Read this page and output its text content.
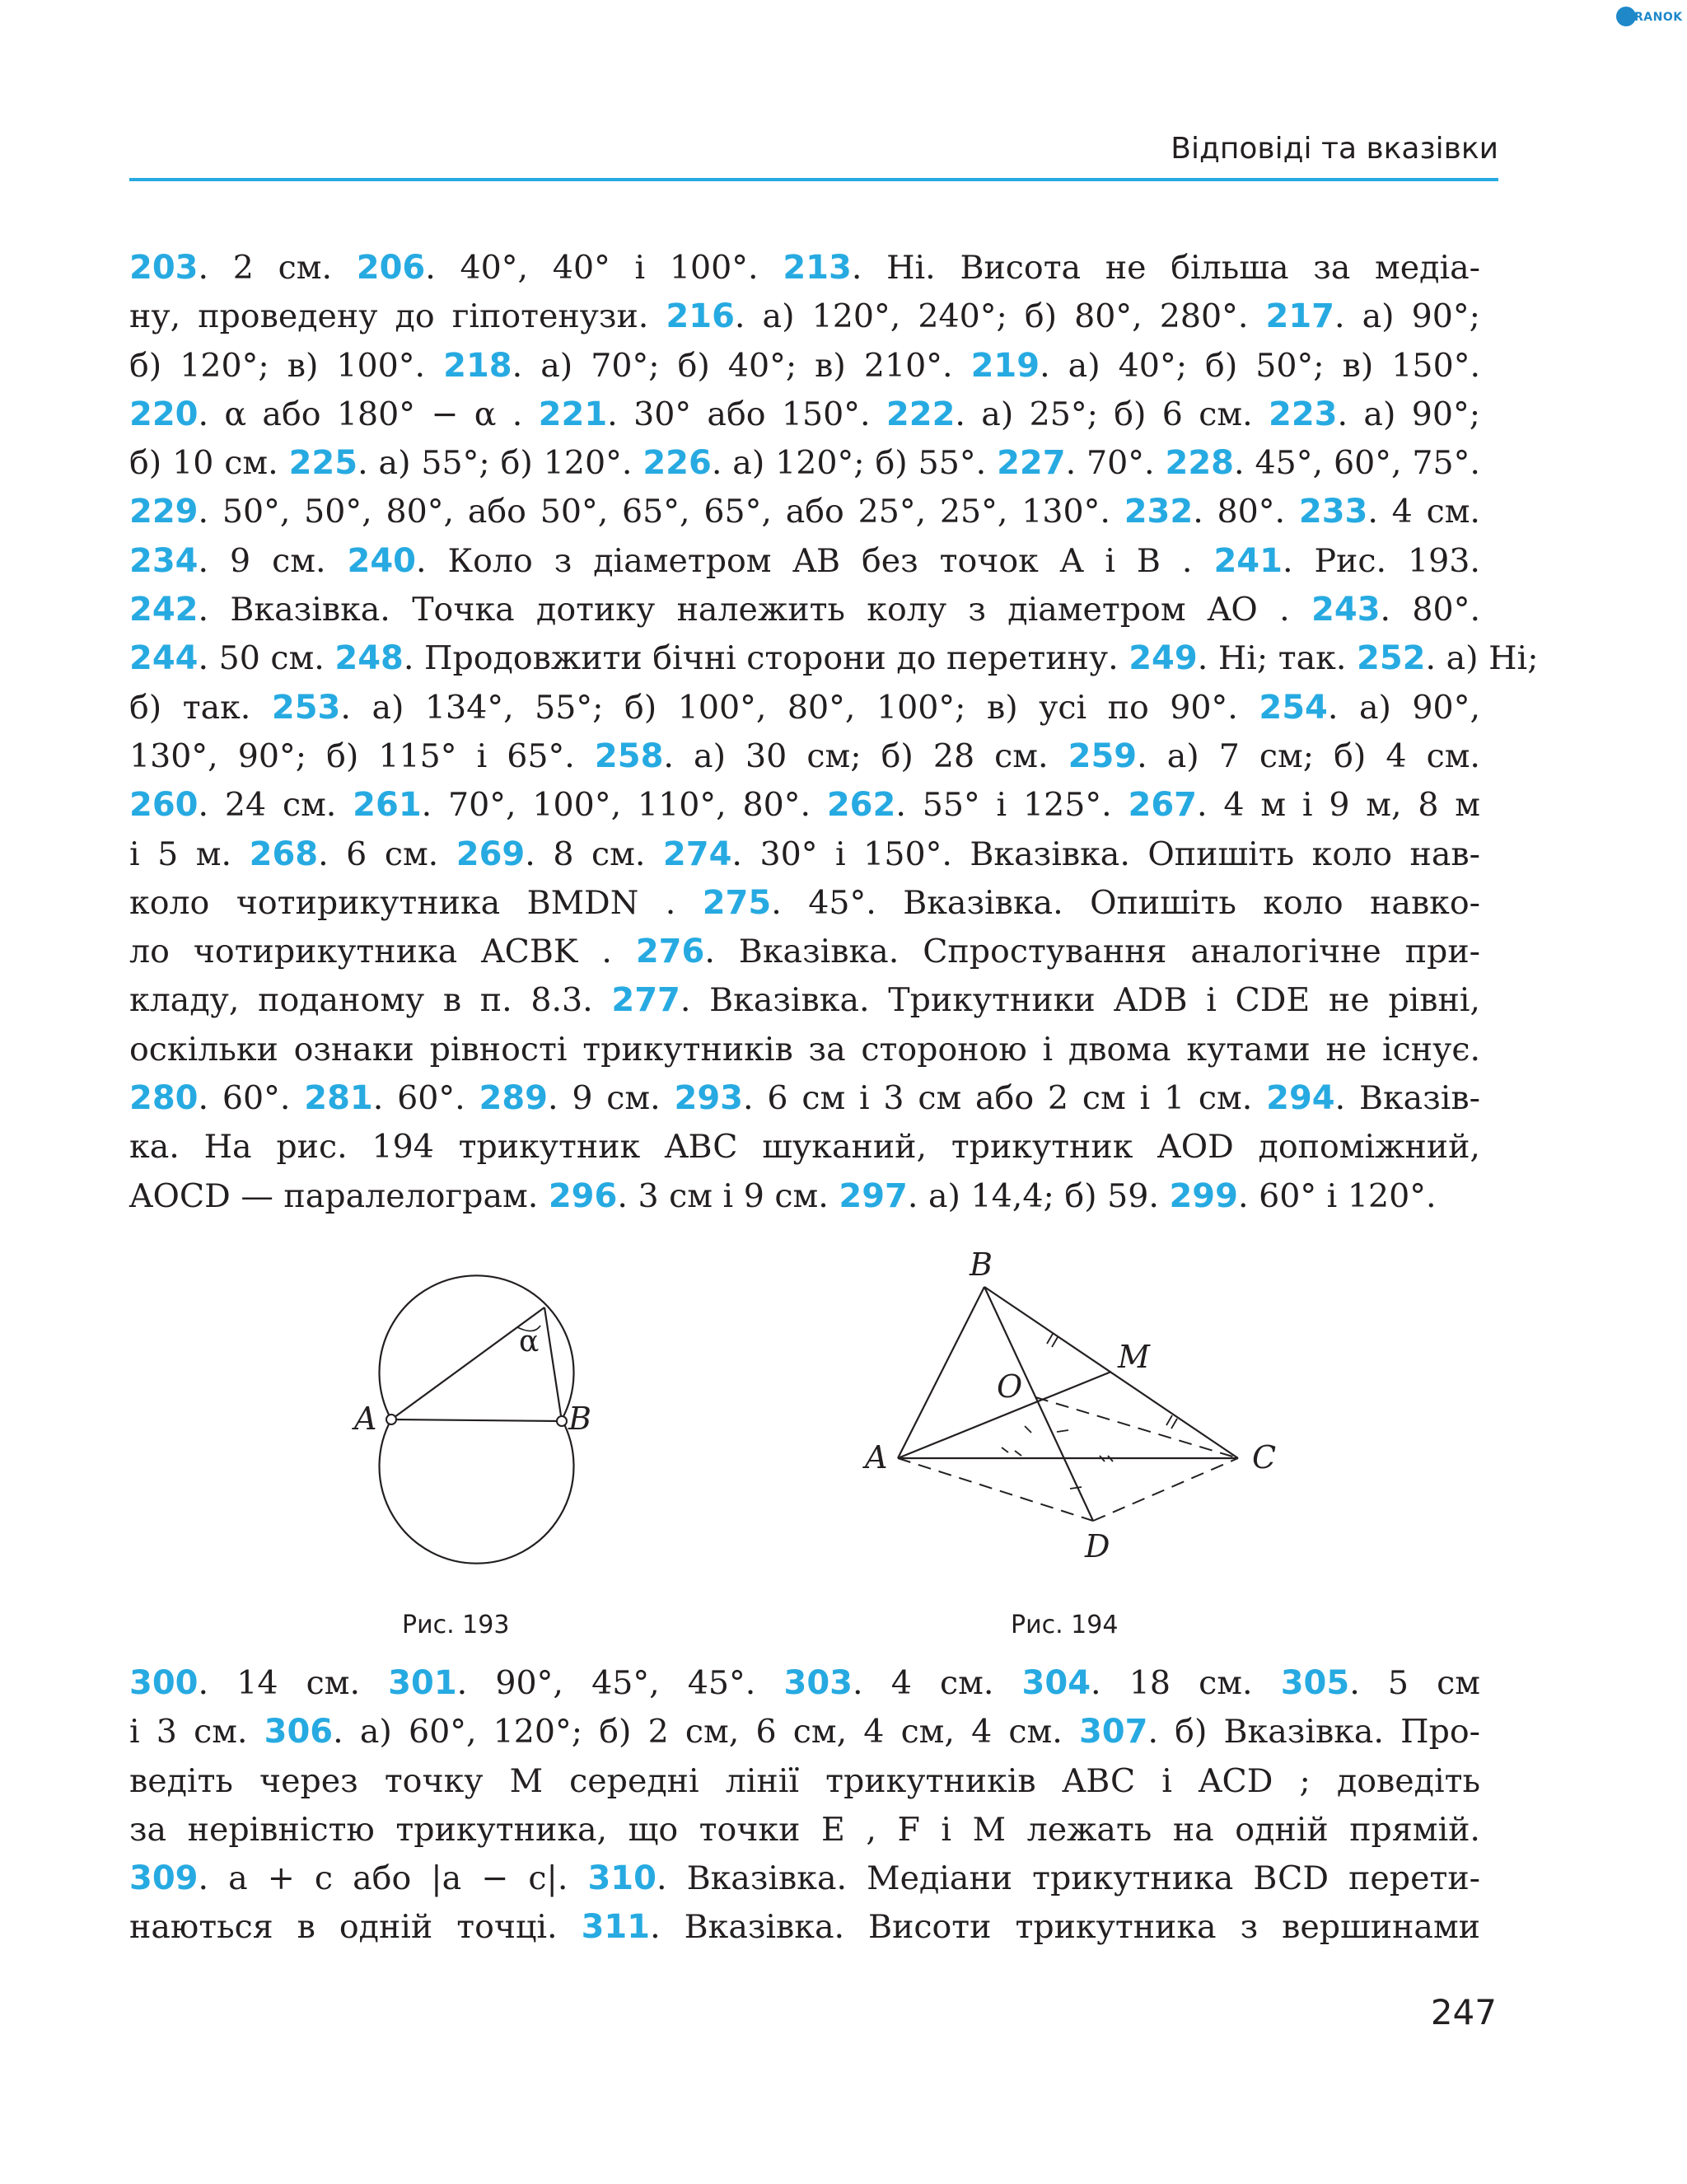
RANOK
Відповіді та вказівки
203. 2 см. 206. 40°, 40° і 100°. 213. Ні. Висота не більша за медіа-
ну, проведену до гіпотенузи. 216. а) 120°, 240°; б) 80°, 280°. 217. а) 90°;
б) 120°; в) 100°. 218. а) 70°; б) 40°; в) 210°. 219. а) 40°; б) 50°; в) 150°.
220. α або 180° − α . 221. 30° або 150°. 222. а) 25°; б) 6 см. 223. а) 90°;
б) 10 см. 225. а) 55°; б) 120°. 226. а) 120°; б) 55°. 227. 70°. 228. 45°, 60°, 75°.
229. 50°, 50°, 80°, або 50°, 65°, 65°, або 25°, 25°, 130°. 232. 80°. 233. 4 см.
234. 9 см. 240. Коло з діаметром AB без точок A і B . 241. Рис. 193.
242. Вказівка. Точка дотику належить колу з діаметром AO . 243. 80°.
244. 50 см. 248. Продовжити бічні сторони до перетину. 249. Ні; так. 252. а) Ні;
б) так. 253. а) 134°, 55°; б) 100°, 80°, 100°; в) усі по 90°. 254. а) 90°,
130°, 90°; б) 115° і 65°. 258. а) 30 см; б) 28 см. 259. а) 7 см; б) 4 см.
260. 24 см. 261. 70°, 100°, 110°, 80°. 262. 55° і 125°. 267. 4 м і 9 м, 8 м
і 5 м. 268. 6 см. 269. 8 см. 274. 30° і 150°. Вказівка. Опишіть коло нав-
коло чотирикутника BMDN . 275. 45°. Вказівка. Опишіть коло навко-
ло чотирикутника ACBK . 276. Вказівка. Спростування аналогічне при-
кладу, поданому в п. 8.3. 277. Вказівка. Трикутники ADB і CDE не рівні,
оскільки ознаки рівності трикутників за стороною і двома кутами не існує.
280. 60°. 281. 60°. 289. 9 см. 293. 6 см і 3 см або 2 см і 1 см. 294. Вказів-
ка. На рис. 194 трикутник ABC шуканий, трикутник AOD допоміжний,
AOCD — паралелограм. 296. 3 см і 9 см. 297. а) 14,4; б) 59. 299. 60° і 120°.
α
A	B
Рис. 193
B
M
O
A	C
D
Рис. 194
300. 14 см. 301. 90°, 45°, 45°. 303. 4 см. 304. 18 см. 305. 5 см
і 3 см. 306. а) 60°, 120°; б) 2 см, 6 см, 4 см, 4 см. 307. б) Вказівка. Про-
ведіть через точку M середні лінії трикутників ABC і ACD ; доведіть
за нерівністю трикутника, що точки E , F і M лежать на одній прямій.
309. a + c або |a − c|. 310. Вказівка. Медіани трикутника BCD перети-
наються в одній точці. 311. Вказівка. Висоти трикутника з вершинами
247
